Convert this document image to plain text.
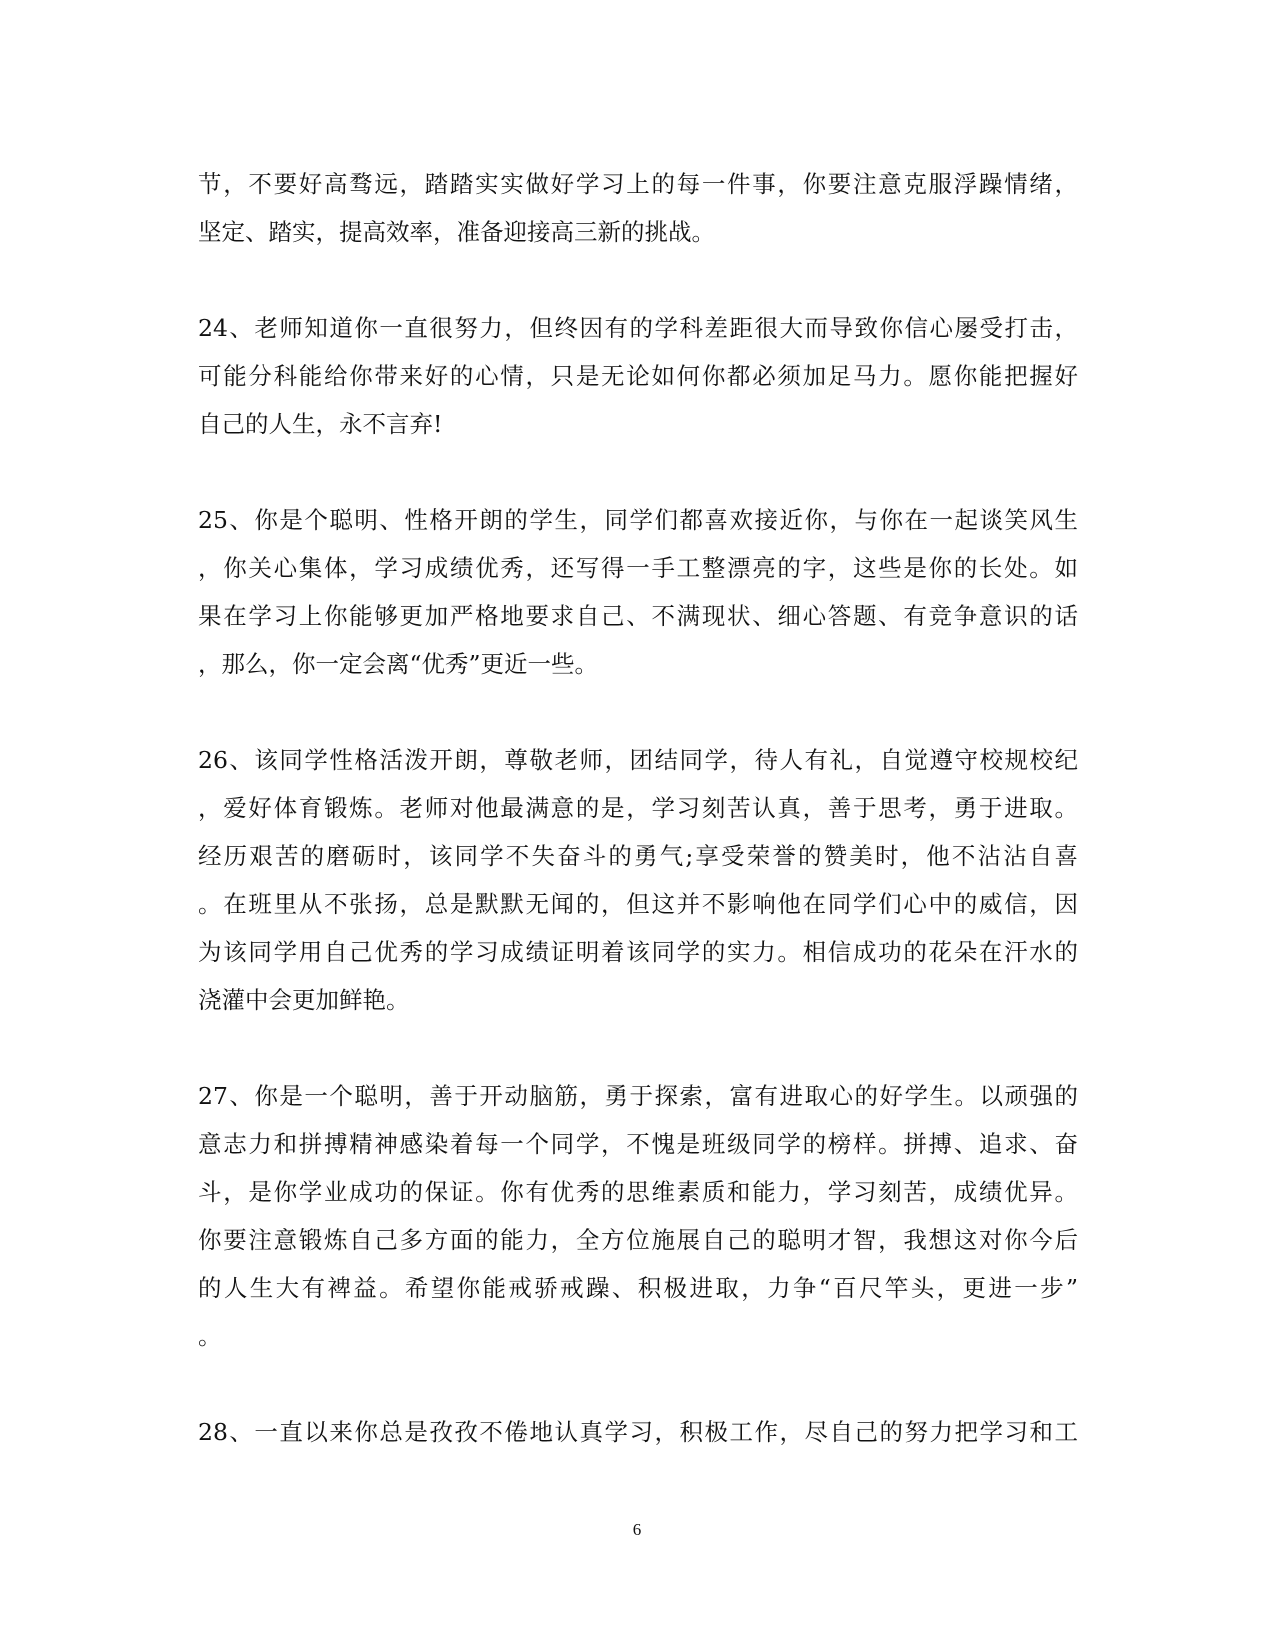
节，不要好高骛远，踏踏实实做好学习上的每一件事，你要注意克服浮躁情绪，
坚定、踏实，提高效率，准备迎接高三新的挑战。
24、老师知道你一直很努力，但终因有的学科差距很大而导致你信心屡受打击，
可能分科能给你带来好的心情，只是无论如何你都必须加足马力。愿你能把握好
自己的人生，永不言弃!
25、你是个聪明、性格开朗的学生，同学们都喜欢接近你，与你在一起谈笑风生
，你关心集体，学习成绩优秀，还写得一手工整漂亮的字，这些是你的长处。如
果在学习上你能够更加严格地要求自己、不满现状、细心答题、有竞争意识的话
，那么，你一定会离“优秀”更近一些。
26、该同学性格活泼开朗，尊敬老师，团结同学，待人有礼，自觉遵守校规校纪
，爱好体育锻炼。老师对他最满意的是，学习刻苦认真，善于思考，勇于进取。
经历艰苦的磨砺时，该同学不失奋斗的勇气;享受荣誉的赞美时，他不沾沾自喜
。在班里从不张扬，总是默默无闻的，但这并不影响他在同学们心中的威信，因
为该同学用自己优秀的学习成绩证明着该同学的实力。相信成功的花朵在汗水的
浇灌中会更加鲜艳。
27、你是一个聪明，善于开动脑筋，勇于探索，富有进取心的好学生。以顽强的
意志力和拼搏精神感染着每一个同学，不愧是班级同学的榜样。拼搏、追求、奋
斗，是你学业成功的保证。你有优秀的思维素质和能力，学习刻苦，成绩优异。
你要注意锻炼自己多方面的能力，全方位施展自己的聪明才智，我想这对你今后
的人生大有裨益。希望你能戒骄戒躁、积极进取，力争“百尺竿头，更进一步”
。
28、一直以来你总是孜孜不倦地认真学习，积极工作，尽自己的努力把学习和工
6
